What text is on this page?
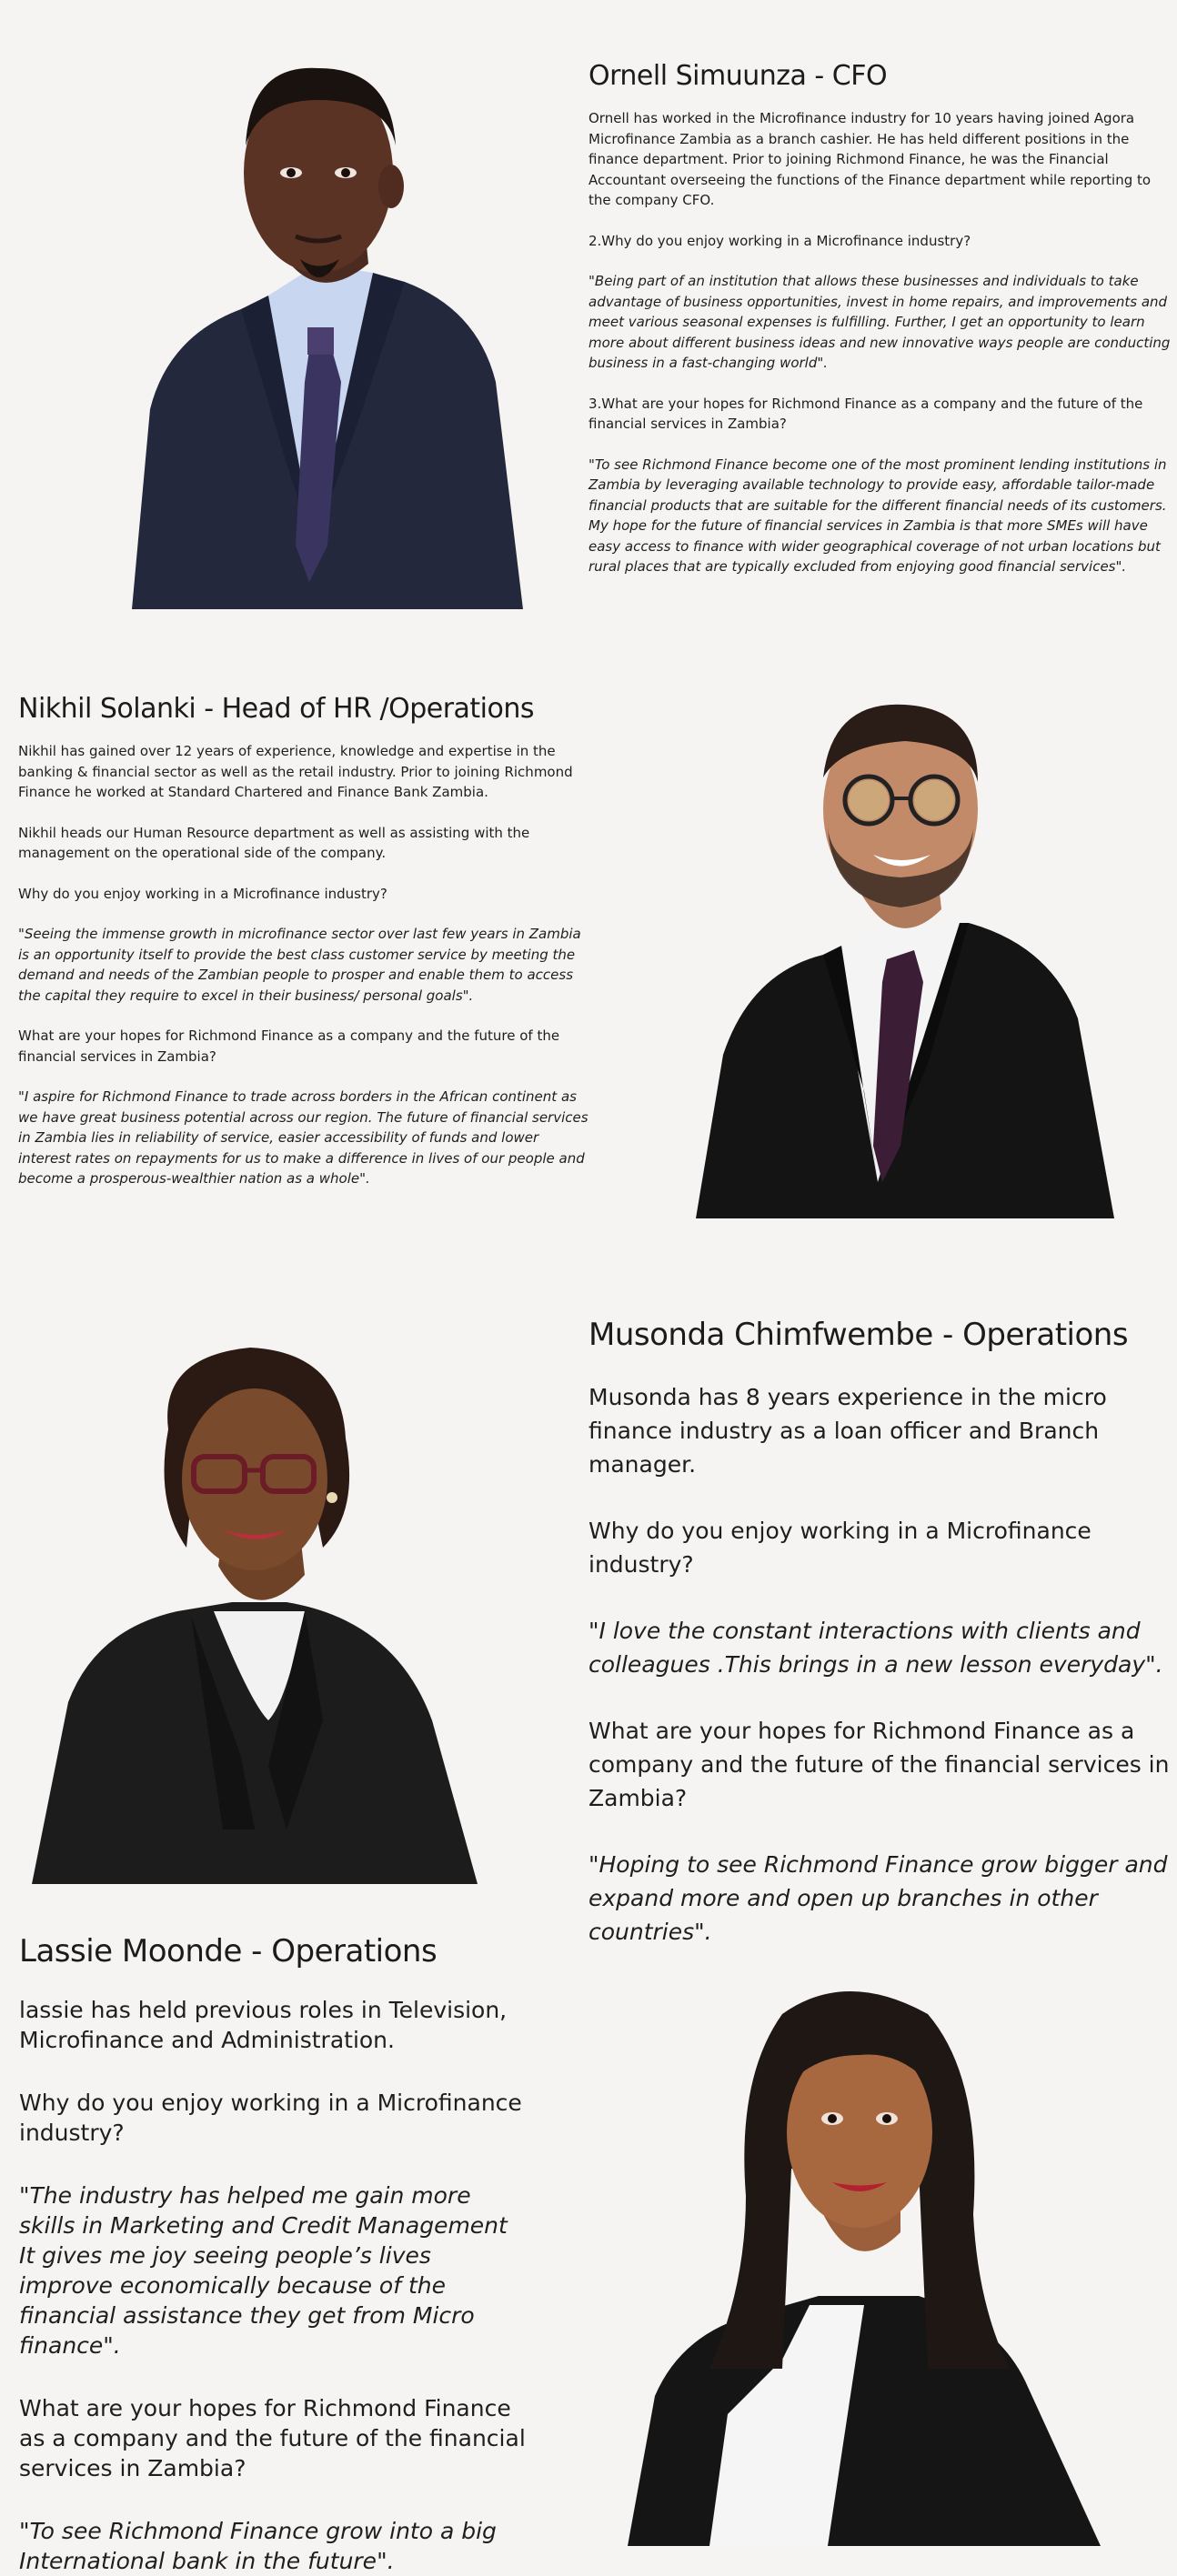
Ornell Simuunza - CFO

Ornell has worked in the Microfinance industry for 10 years having joined Agora Microfinance Zambia as a branch cashier. He has held different positions in the finance department. Prior to joining Richmond Finance, he was the Financial Accountant overseeing the functions of the Finance department while reporting to the company CFO.

2.Why do you enjoy working in a Microfinance industry?

"Being part of an institution that allows these businesses and individuals to take advantage of business opportunities, invest in home repairs, and improvements and meet various seasonal expenses is fulfilling. Further, I get an opportunity to learn more about different business ideas and new innovative ways people are conducting business in a fast-changing world".

3.What are your hopes for Richmond Finance as a company and the future of the financial services in Zambia?

"To see Richmond Finance become one of the most prominent lending institutions in Zambia by leveraging available technology to provide easy, affordable tailor-made financial products that are suitable for the different financial needs of its customers.
My hope for the future of financial services in Zambia is that more SMEs will have easy access to finance with wider geographical coverage of not urban locations but rural places that are typically excluded from enjoying good financial services".

Nikhil Solanki - Head of HR /Operations

Nikhil has gained over 12 years of experience, knowledge and expertise in the banking & financial sector as well as the retail industry. Prior to joining Richmond Finance he worked at Standard Chartered and Finance Bank Zambia.

Nikhil heads our Human Resource department as well as assisting with the management on the operational side of the company.

Why do you enjoy working in a Microfinance industry?

"Seeing the immense growth in microfinance sector over last few years in Zambia is an opportunity itself to provide the best class customer service by meeting the demand and needs of the Zambian people to prosper and enable them to access the capital they require to excel in their business/ personal goals".

What are your hopes for Richmond Finance as a company and the future of the financial services in Zambia?

"I aspire for Richmond Finance to trade across borders in the African continent as we have great business potential across our region. The future of financial services in Zambia lies in reliability of service, easier accessibility of funds and lower interest rates on repayments for us to make a difference in lives of our people and become a prosperous-wealthier nation as a whole".

Musonda Chimfwembe - Operations

Musonda has 8 years experience in the micro finance industry as a loan officer and Branch manager.

Why do you enjoy working in a Microfinance industry?

"I love the constant interactions with clients and colleagues .This brings in a new lesson everyday".

What are your hopes for Richmond Finance as a company and the future of the financial services in Zambia?

"Hoping to see Richmond Finance grow bigger and expand more and open up branches in other countries".

Lassie Moonde - Operations

lassie has held previous roles in Television, Microfinance and Administration.

Why do you enjoy working in a Microfinance industry?

"The industry has helped me gain more skills in Marketing and Credit Management It gives me joy seeing people’s lives improve economically because of the financial assistance they get from Micro finance".

What are your hopes for Richmond Finance as a company and the future of the financial services in Zambia?

"To see Richmond Finance grow into a big International bank in the future".
